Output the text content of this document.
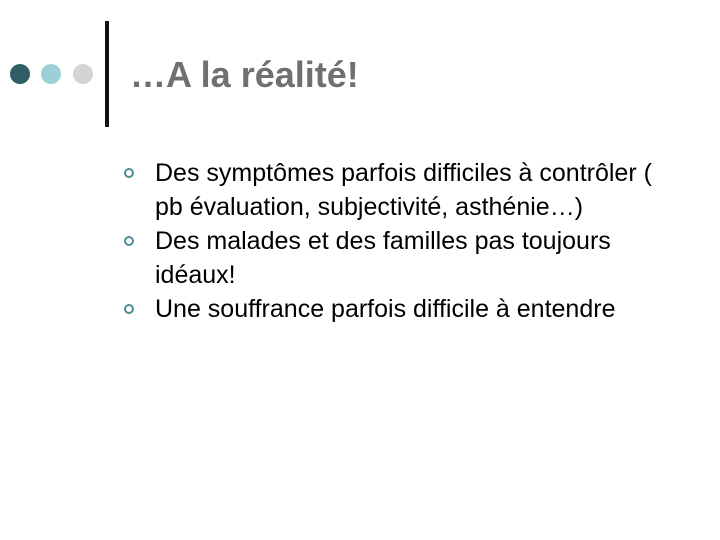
…A la réalité!
Des symptômes parfois difficiles à contrôler ( pb évaluation, subjectivité, asthénie…)
Des malades et des familles pas toujours idéaux!
Une souffrance parfois difficile à entendre
